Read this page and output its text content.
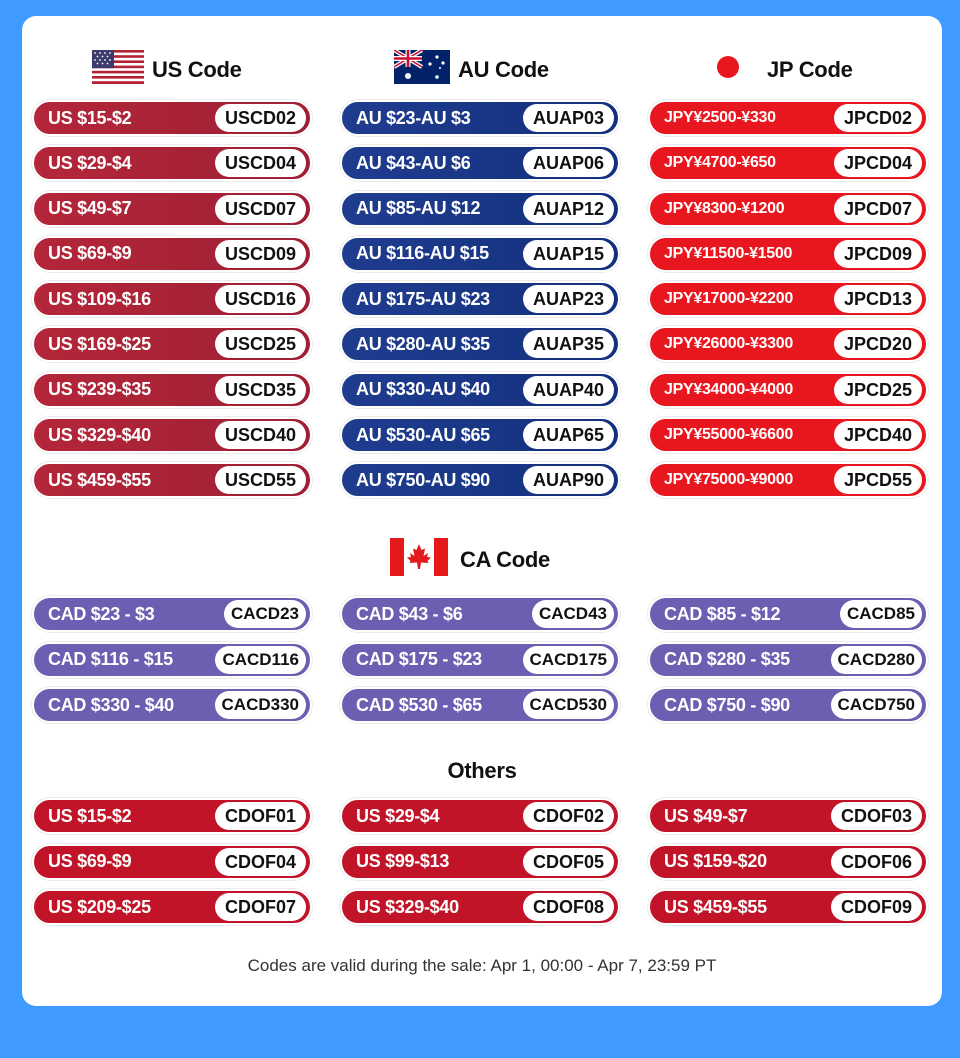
US Code	AU Code	JP Code
US $15-$2	USCD02
US $29-$4	USCD04
US $49-$7	USCD07
US $69-$9	USCD09
US $109-$16	USCD16
US $169-$25	USCD25
US $239-$35	USCD35
US $329-$40	USCD40
US $459-$55	USCD55
AU $23-AU $3	AUAP03
AU $43-AU $6	AUAP06
AU $85-AU $12	AUAP12
AU $116-AU $15	AUAP15
AU $175-AU $23	AUAP23
AU $280-AU $35	AUAP35
AU $330-AU $40	AUAP40
AU $530-AU $65	AUAP65
AU $750-AU $90	AUAP90
JPY¥2500-¥330	JPCD02
JPY¥4700-¥650	JPCD04
JPY¥8300-¥1200	JPCD07
JPY¥11500-¥1500	JPCD09
JPY¥17000-¥2200	JPCD13
JPY¥26000-¥3300	JPCD20
JPY¥34000-¥4000	JPCD25
JPY¥55000-¥6600	JPCD40
JPY¥75000-¥9000	JPCD55
CA Code
CAD $23 - $3	CACD23	CAD $43 - $6	CACD43	CAD $85 - $12	CACD85
CAD $116 - $15	CACD116	CAD $175 - $23	CACD175	CAD $280 - $35	CACD280
CAD $330 - $40	CACD330	CAD $530 - $65	CACD530	CAD $750 - $90	CACD750
Others
US $15-$2	CDOF01	US $29-$4	CDOF02	US $49-$7	CDOF03
US $69-$9	CDOF04	US $99-$13	CDOF05	US $159-$20	CDOF06
US $209-$25	CDOF07	US $329-$40	CDOF08	US $459-$55	CDOF09
Codes are valid during the sale: Apr 1, 00:00 - Apr 7, 23:59 PT
